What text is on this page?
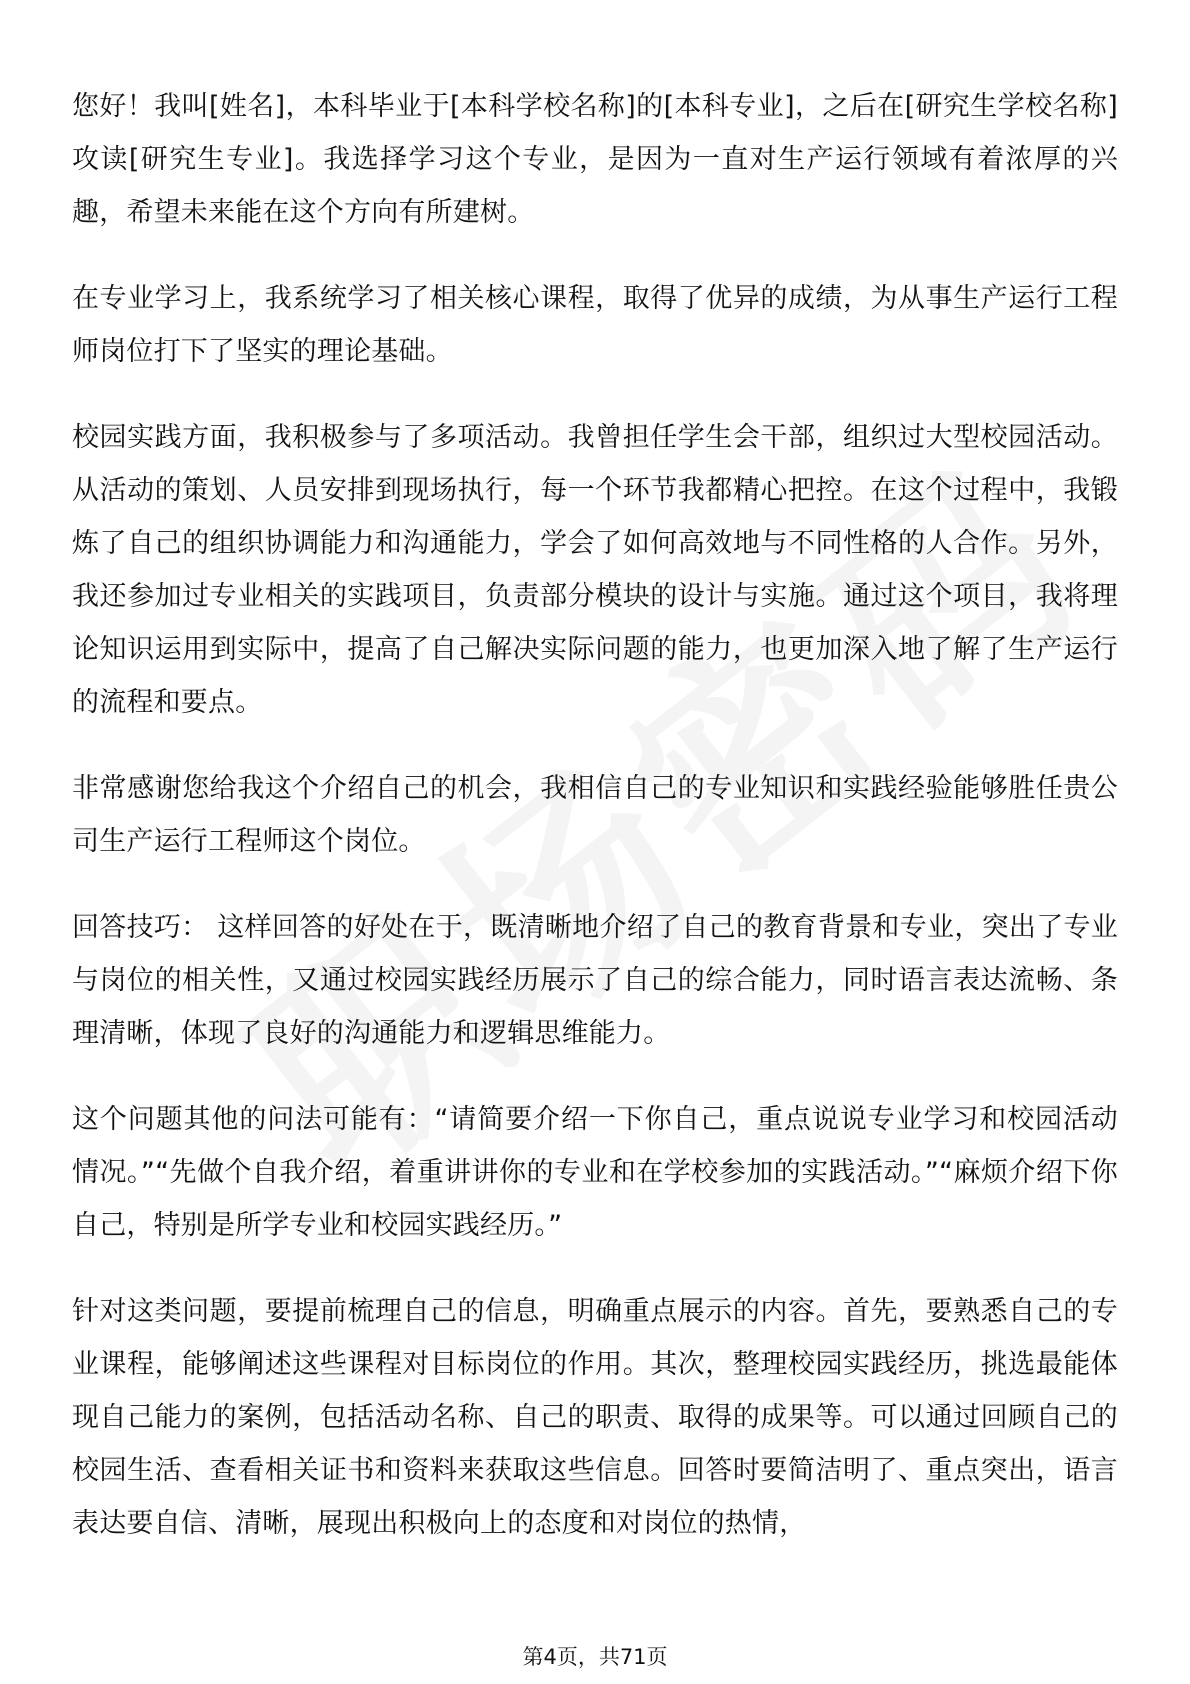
您好！我叫[姓名]，本科毕业于[本科学校名称]的[本科专业]，之后在[研究生学校名称]攻读[研究生专业]。我选择学习这个专业，是因为一直对生产运行领域有着浓厚的兴趣，希望未来能在这个方向有所建树。

在专业学习上，我系统学习了相关核心课程，取得了优异的成绩，为从事生产运行工程师岗位打下了坚实的理论基础。

校园实践方面，我积极参与了多项活动。我曾担任学生会干部，组织过大型校园活动。从活动的策划、人员安排到现场执行，每一个环节我都精心把控。在这个过程中，我锻炼了自己的组织协调能力和沟通能力，学会了如何高效地与不同性格的人合作。另外，我还参加过专业相关的实践项目，负责部分模块的设计与实施。通过这个项目，我将理论知识运用到实际中，提高了自己解决实际问题的能力，也更加深入地了解了生产运行的流程和要点。

非常感谢您给我这个介绍自己的机会，我相信自己的专业知识和实践经验能够胜任贵公司生产运行工程师这个岗位。

回答技巧： 这样回答的好处在于，既清晰地介绍了自己的教育背景和专业，突出了专业与岗位的相关性，又通过校园实践经历展示了自己的综合能力，同时语言表达流畅、条理清晰，体现了良好的沟通能力和逻辑思维能力。

这个问题其他的问法可能有：“请简要介绍一下你自己，重点说说专业学习和校园活动情况。”“先做个自我介绍，着重讲讲你的专业和在学校参加的实践活动。”“麻烦介绍下你自己，特别是所学专业和校园实践经历。”

针对这类问题，要提前梳理自己的信息，明确重点展示的内容。首先，要熟悉自己的专业课程，能够阐述这些课程对目标岗位的作用。其次，整理校园实践经历，挑选最能体现自己能力的案例，包括活动名称、自己的职责、取得的成果等。可以通过回顾自己的校园生活、查看相关证书和资料来获取这些信息。回答时要简洁明了、重点突出，语言表达要自信、清晰，展现出积极向上的态度和对岗位的热情，

第4页，共71页
